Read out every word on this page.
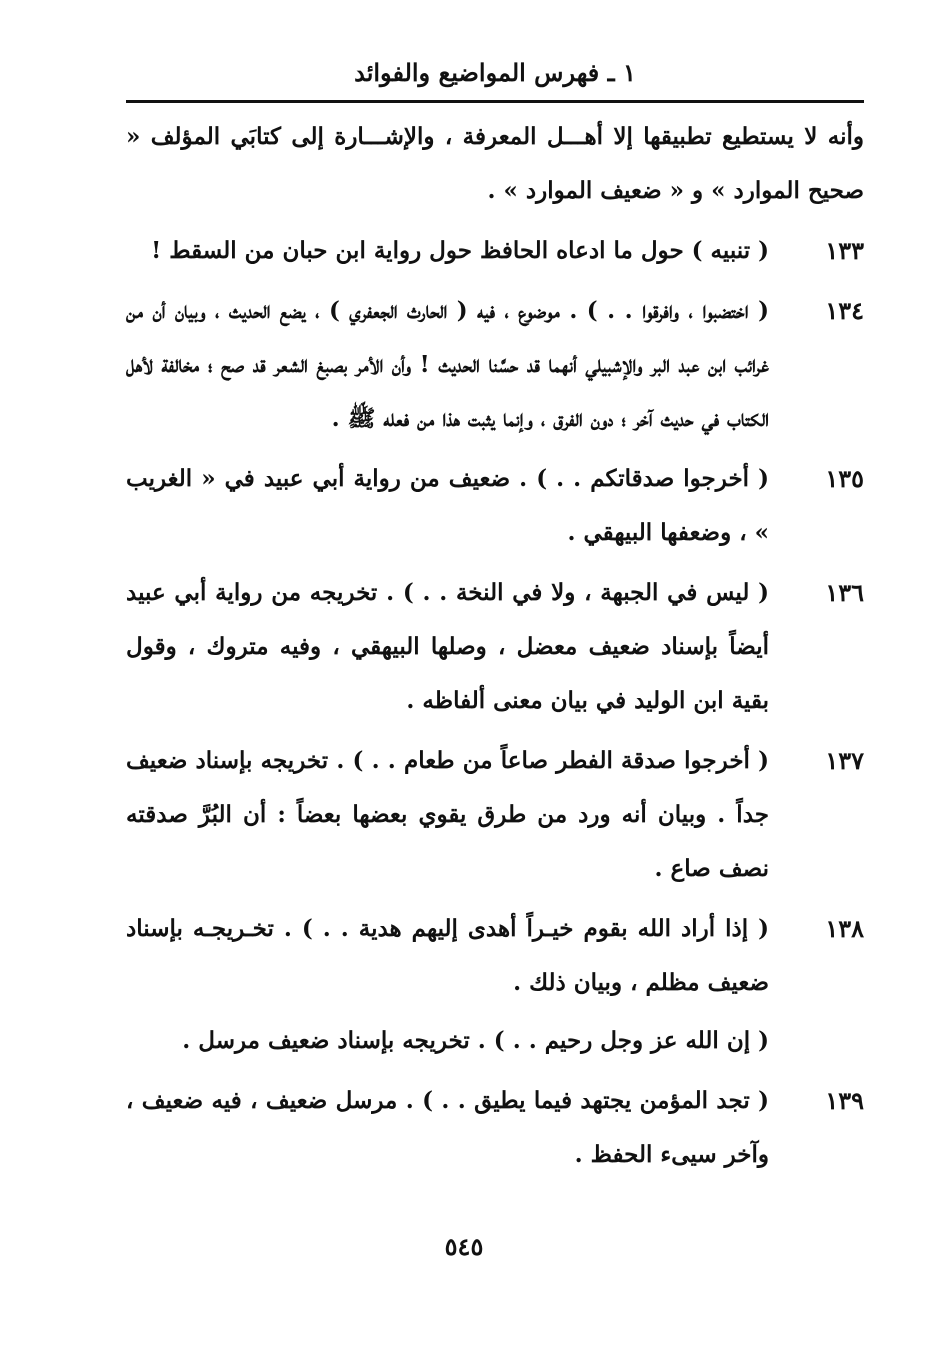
١ ـ فهرس المواضيع والفوائد
وأنه لا يستطيع تطبيقها إلا أهـــل المعرفة ، والإشـــارة إلى كتابَي المؤلف « صحيح الموارد » و « ضعيف الموارد » .
١٣٣
( تنبيه ) حول ما ادعاه الحافظ حول رواية ابن حبان من السقط !
١٣٤
( اختضبوا ، وافرقوا . . ) . موضوع ، فيه ( الحارث الجعفري ) ، يضع الحديث ، وبيان أن من غرائب ابن عبد البر والإشبيلي أنهما قد حسَّنا الحديث ! وأن الأمر بصبغ الشعر قد صح ؛ مخالفة لأهل الكتاب في حديث آخر ؛ دون الفرق ، وإنما يثبت هذا من فعله ﷺ .
١٣٥
( أخرجوا صدقاتكم . . ) . ضعيف من رواية أبي عبيد في « الغريب » ، وضعفها البيهقي .
١٣٦
( ليس في الجبهة ، ولا في النخة . . ) . تخريجه من رواية أبي عبيد أيضاً بإسناد ضعيف معضل ، وصلها البيهقي ، وفيه متروك ، وقول بقية ابن الوليد في بيان معنى ألفاظه .
١٣٧
( أخرجوا صدقة الفطر صاعاً من طعام . . ) . تخريجه بإسناد ضعيف جداً . وبيان أنه ورد من طرق يقوي بعضها بعضاً : أن البُرَّ صدقته نصف صاع .
١٣٨
( إذا أراد الله بقوم خيـراً أهدى إليهم هدية . . ) . تخـريجـه بإسناد ضعيف مظلم ، وبيان ذلك .
( إن الله عز وجل رحيم . . ) . تخريجه بإسناد ضعيف مرسل .
١٣٩
( تجد المؤمن يجتهد فيما يطيق . . ) . مرسل ضعيف ، فيه ضعيف ، وآخر سيىء الحفظ .
٥٤٥
